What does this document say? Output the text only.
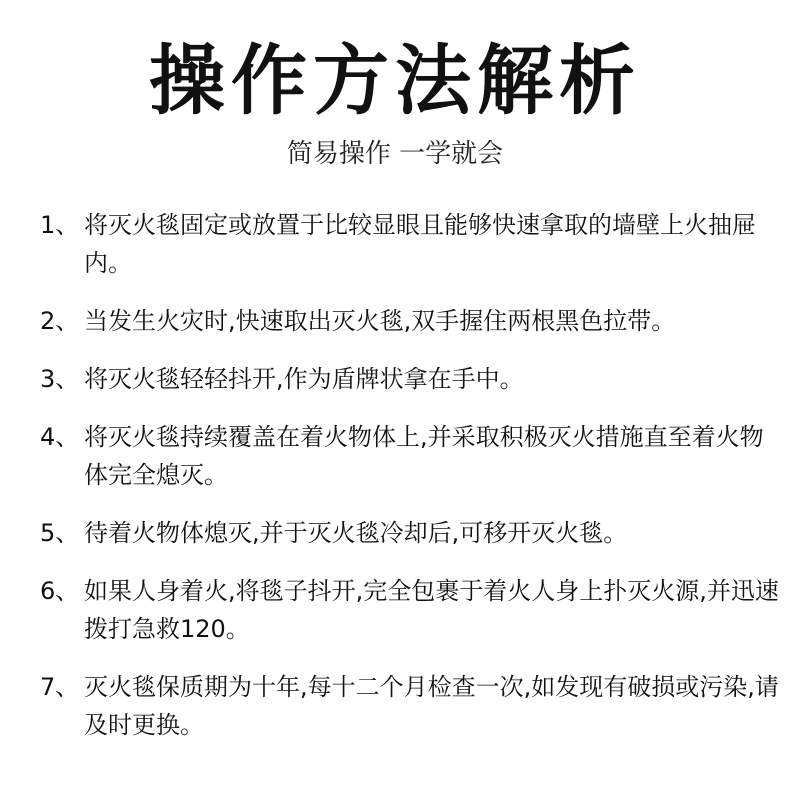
操作方法解析
简易操作 一学就会
1、 将灭火毯固定或放置于比较显眼且能够快速拿取的墙壁上火抽屉内。
2、 当发生火灾时,快速取出灭火毯,双手握住两根黑色拉带。
3、 将灭火毯轻轻抖开,作为盾牌状拿在手中。
4、 将灭火毯持续覆盖在着火物体上,并采取积极灭火措施直至着火物体完全熄灭。
5、 待着火物体熄灭,并于灭火毯冷却后,可移开灭火毯。
6、 如果人身着火,将毯子抖开,完全包裹于着火人身上扑灭火源,并迅速拨打急救120。
7、 灭火毯保质期为十年,每十二个月检查一次,如发现有破损或污染,请及时更换。
